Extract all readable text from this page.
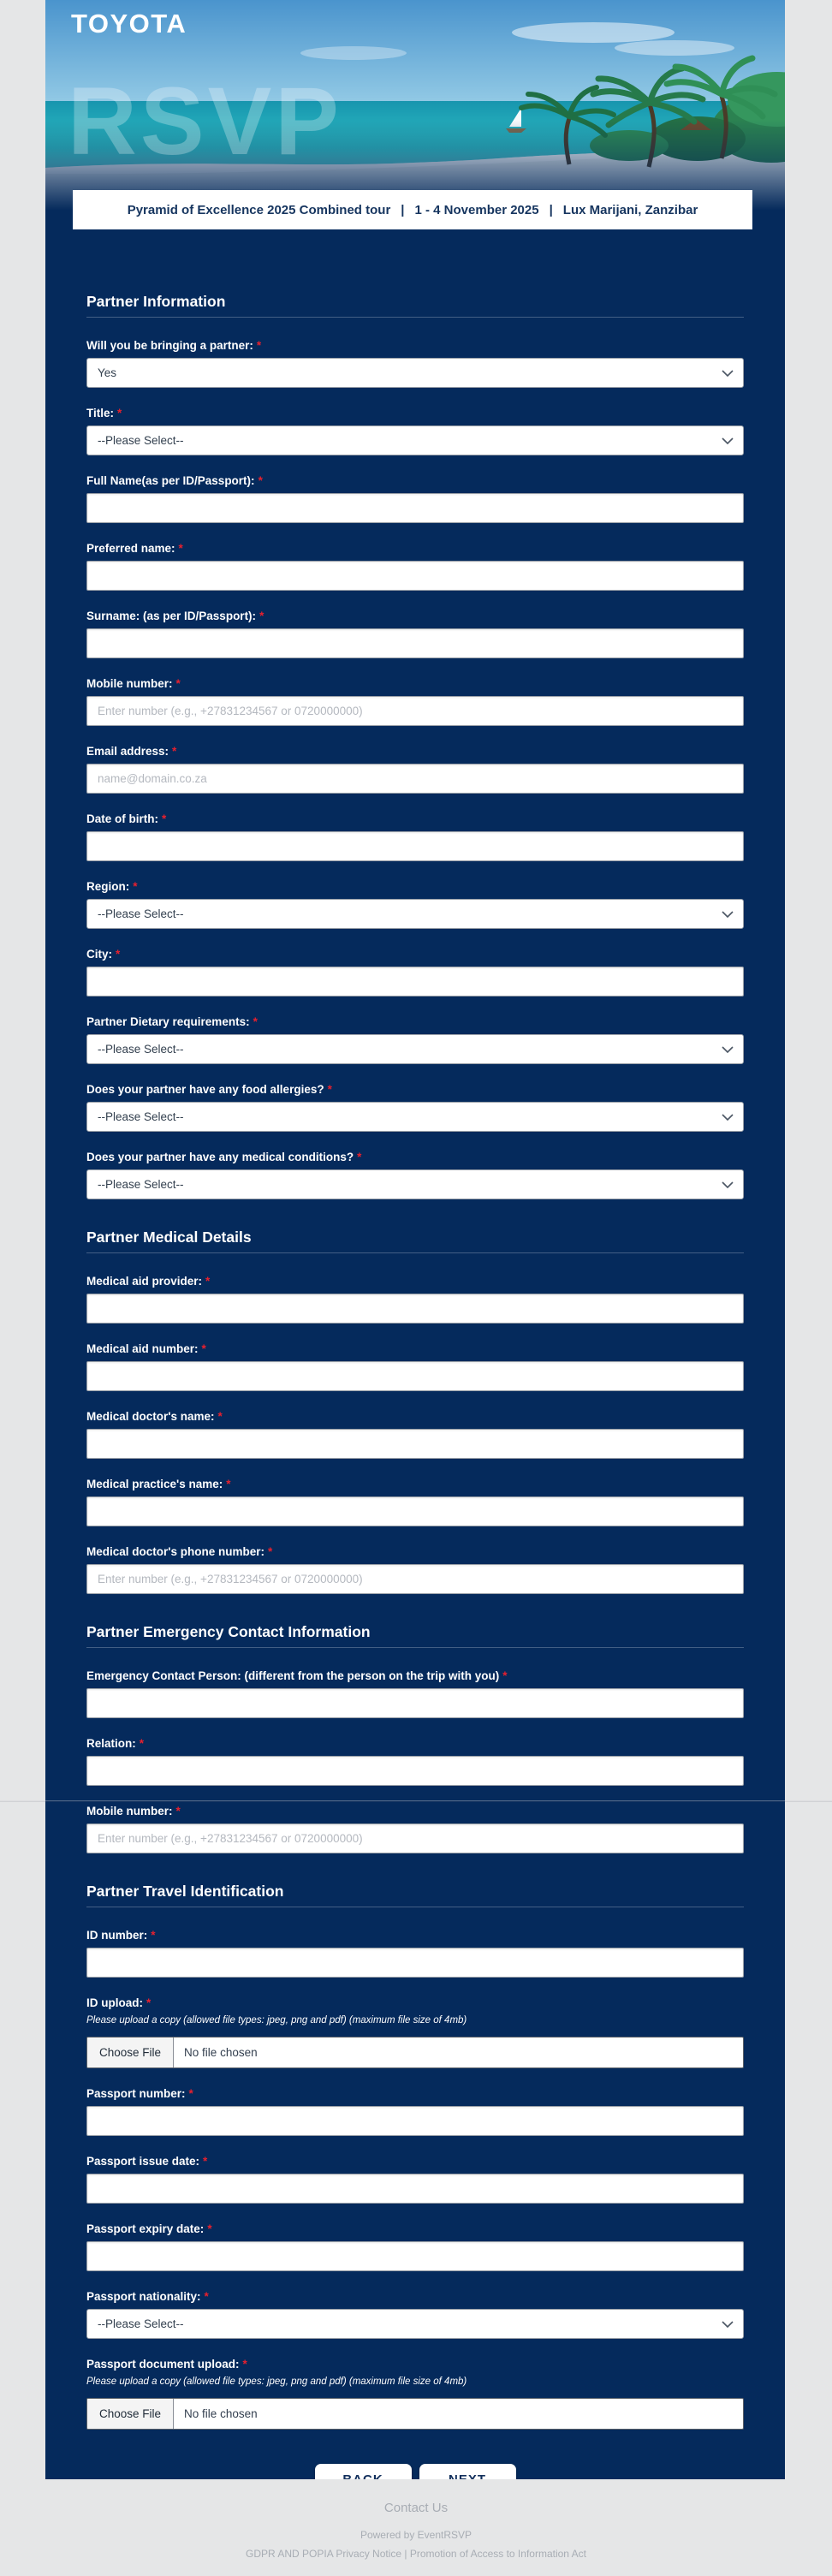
TOYOTA
RSVP
Pyramid of Excellence 2025 Combined tour | 1 - 4 November 2025 | Lux Marijani, Zanzibar
Partner Information
Will you be bringing a partner: *
Yes
Title: *
--Please Select--
Full Name(as per ID/Passport): *
Preferred name: *
Surname: (as per ID/Passport): *
Mobile number: *
Enter number (e.g., +27831234567 or 0720000000)
Email address: *
name@domain.co.za
Date of birth: *
Region: *
--Please Select--
City: *
Partner Dietary requirements: *
--Please Select--
Does your partner have any food allergies? *
--Please Select--
Does your partner have any medical conditions? *
--Please Select--
Partner Medical Details
Medical aid provider: *
Medical aid number: *
Medical doctor's name: *
Medical practice's name: *
Medical doctor's phone number: *
Enter number (e.g., +27831234567 or 0720000000)
Partner Emergency Contact Information
Emergency Contact Person: (different from the person on the trip with you) *
Relation: *
Mobile number: *
Enter number (e.g., +27831234567 or 0720000000)
Partner Travel Identification
ID number: *
ID upload: *
Please upload a copy (allowed file types: jpeg, png and pdf) (maximum file size of 4mb)
Choose File	No file chosen
Passport number: *
Passport issue date: *
Passport expiry date: *
Passport nationality: *
--Please Select--
Passport document upload: *
Please upload a copy (allowed file types: jpeg, png and pdf) (maximum file size of 4mb)
Choose File	No file chosen
Contact Us
Powered by EventRSVP
GDPR AND POPIA Privacy Notice | Promotion of Access to Information Act
